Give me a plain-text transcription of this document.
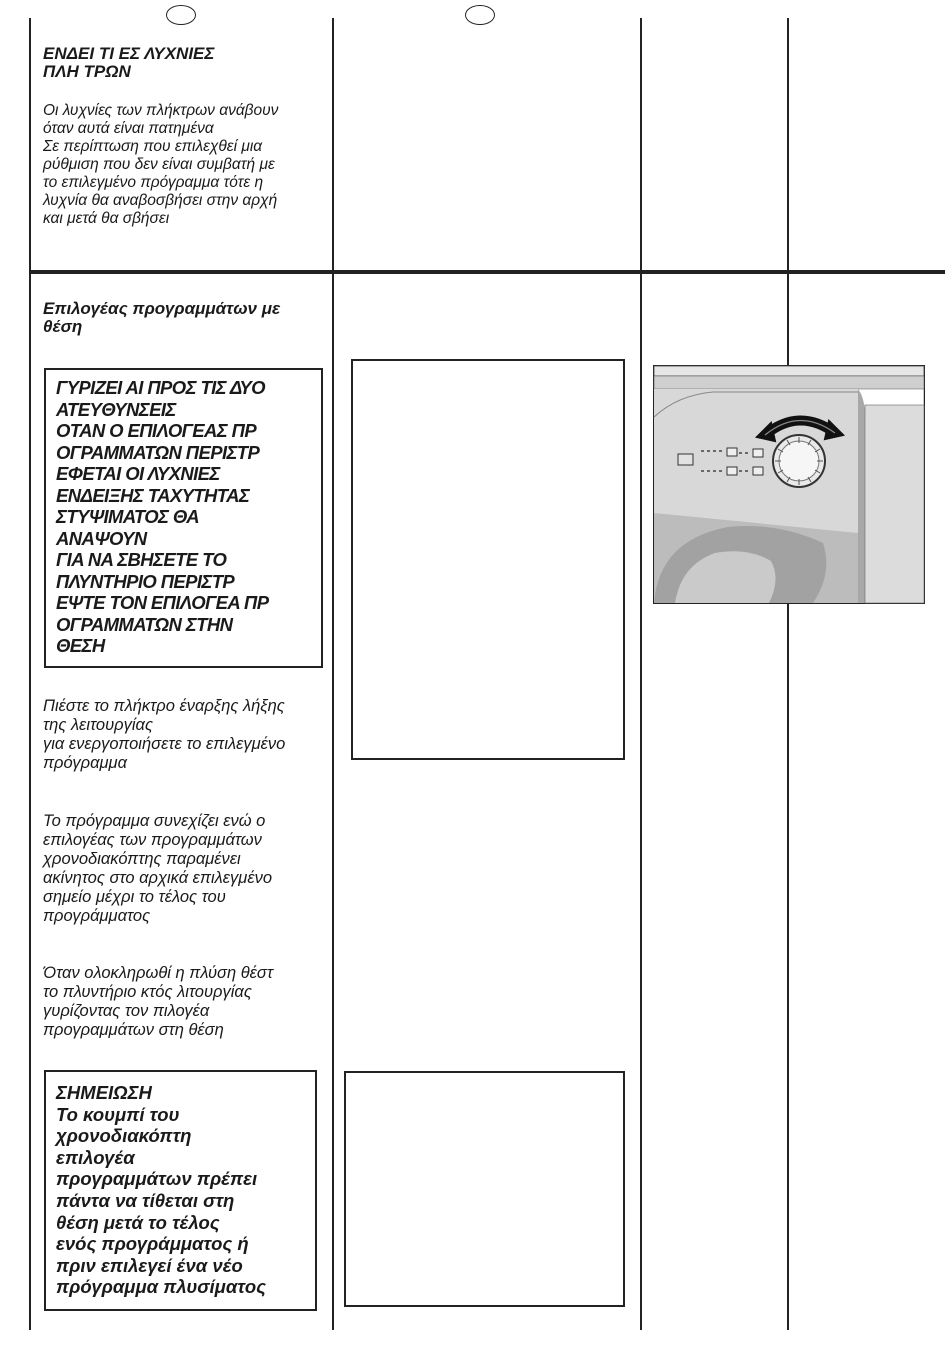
ΕΝΔΕΙ ΤΙ ΕΣ ΛΥΧΝΙΕΣ
ΠΛΗ ΤΡΩΝ

Οι λυχνίες των πλήκτρων ανάβουν
όταν αυτά είναι πατημένα
Σε περίπτωση που επιλεχθεί μια
ρύθμιση που δεν είναι συμβατή με
το επιλεγμένο πρόγραμμα τότε η
λυχνία θα αναβοσβήσει στην αρχή
και μετά θα σβήσει

Επιλογέας προγραμμάτων με
θέση

ΓΥΡΙΖΕΙ ΑΙ ΠΡΟΣ ΤΙΣ ΔΥΟ
ΑΤΕΥΘΥΝΣΕΙΣ
ΟΤΑΝ Ο ΕΠΙΛΟΓΕΑΣ ΠΡ
ΟΓΡΑΜΜΑΤΩΝ ΠΕΡΙΣΤΡ
ΕΦΕΤΑΙ ΟΙ ΛΥΧΝΙΕΣ
ΕΝΔΕΙΞΗΣ ΤΑΧΥΤΗΤΑΣ
ΣΤΥΨΙΜΑΤΟΣ ΘΑ
ΑΝΑΨΟΥΝ
ΓΙΑ ΝΑ ΣΒΗΣΕΤΕ ΤΟ
ΠΛΥΝΤΗΡΙΟ ΠΕΡΙΣΤΡ
ΕΨΤΕ ΤΟΝ ΕΠΙΛΟΓΕΑ ΠΡ
ΟΓΡΑΜΜΑΤΩΝ ΣΤΗΝ
ΘΕΣΗ

Πιέστε το πλήκτρο έναρξης λήξης
της λειτουργίας
για ενεργοποιήσετε το επιλεγμένο
πρόγραμμα

Το πρόγραμμα συνεχίζει ενώ ο
επιλογέας των προγραμμάτων
χρονοδιακόπτης παραμένει
ακίνητος στο αρχικά επιλεγμένο
σημείο μέχρι το τέλος του
προγράμματος

Όταν ολοκληρωθί η πλύση θέστ
το πλυντήριο κτός λιτουργίας
γυρίζοντας τον πιλογέα
προγραμμάτων στη θέση

ΣΗΜΕΙΩΣΗ
Το κουμπί του
χρονοδιακόπτη
επιλογέα
προγραμμάτων πρέπει
πάντα να τίθεται στη
θέση μετά το τέλος
ενός προγράμματος ή
πριν επιλεγεί ένα νέο
πρόγραμμα πλυσίματος
